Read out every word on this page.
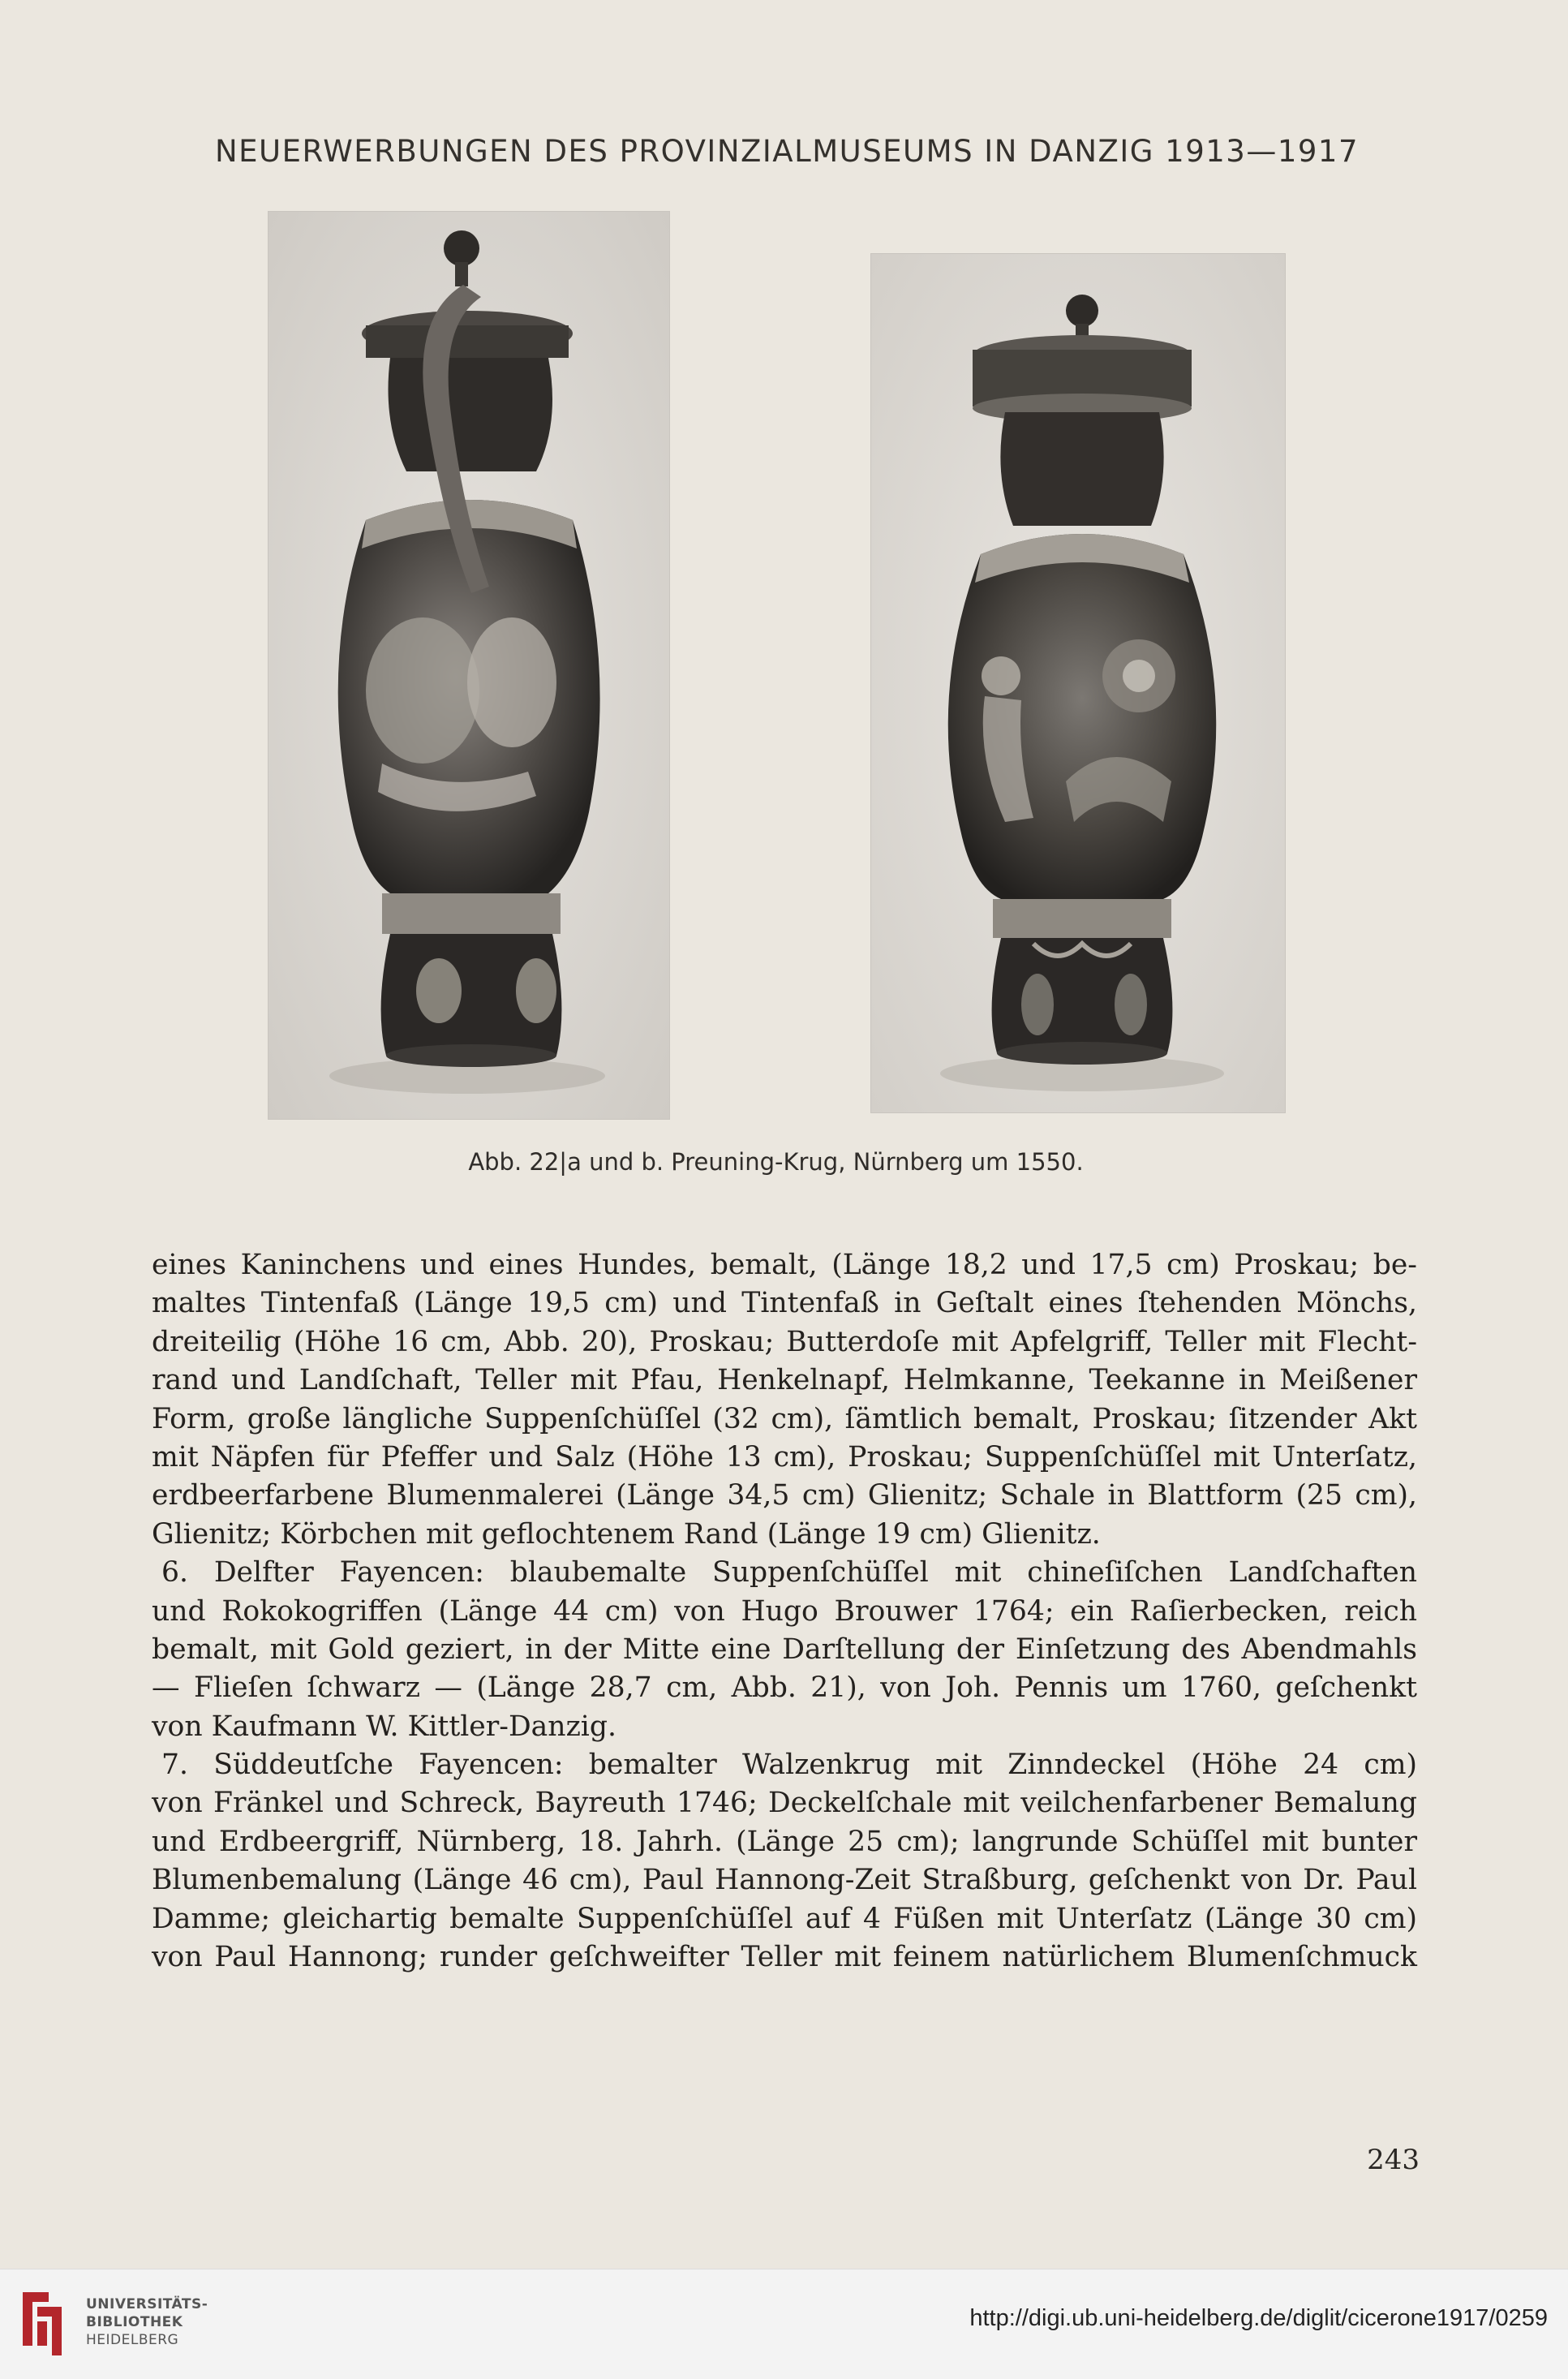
NEUERWERBUNGEN DES PROVINZIALMUSEUMS IN DANZIG 1913—1917
Abb. 22|a und b. Preuning-Krug, Nürnberg um 1550.
eines Kaninchens und eines Hundes, bemalt, (Länge 18,2 und 17,5 cm) Proskau; be-
maltes Tintenfaß (Länge 19,5 cm) und Tintenfaß in Geſtalt eines ſtehenden Mönchs,
dreiteilig (Höhe 16 cm, Abb. 20), Proskau; Butterdoſe mit Apfelgriff, Teller mit Flecht-
rand und Landſchaft, Teller mit Pfau, Henkelnapf, Helmkanne, Teekanne in Meißener
Form, große längliche Suppenſchüſſel (32 cm), ſämtlich bemalt, Proskau; ſitzender Akt
mit Näpfen für Pfeffer und Salz (Höhe 13 cm), Proskau; Suppenſchüſſel mit Unterſatz,
erdbeerfarbene Blumenmalerei (Länge 34,5 cm) Glienitz; Schale in Blattform (25 cm),
Glienitz; Körbchen mit geflochtenem Rand (Länge 19 cm) Glienitz.
6. Delfter Fayencen: blaubemalte Suppenſchüſſel mit chineſiſchen Landſchaften
und Rokokogriffen (Länge 44 cm) von Hugo Brouwer 1764; ein Raſierbecken, reich
bemalt, mit Gold geziert, in der Mitte eine Darſtellung der Einſetzung des Abendmahls
— Flieſen ſchwarz — (Länge 28,7 cm, Abb. 21), von Joh. Pennis um 1760, geſchenkt
von Kaufmann W. Kittler-Danzig.
7. Süddeutſche Fayencen: bemalter Walzenkrug mit Zinndeckel (Höhe 24 cm)
von Fränkel und Schreck, Bayreuth 1746; Deckelſchale mit veilchenfarbener Bemalung
und Erdbeergriff, Nürnberg, 18. Jahrh. (Länge 25 cm); langrunde Schüſſel mit bunter
Blumenbemalung (Länge 46 cm), Paul Hannong-Zeit Straßburg, geſchenkt von Dr. Paul
Damme; gleichartig bemalte Suppenſchüſſel auf 4 Füßen mit Unterſatz (Länge 30 cm)
von Paul Hannong; runder geſchweifter Teller mit feinem natürlichem Blumenſchmuck
243
UNIVERSITÄTS-
BIBLIOTHEK
HEIDELBERG
http://digi.ub.uni-heidelberg.de/diglit/cicerone1917/0259
